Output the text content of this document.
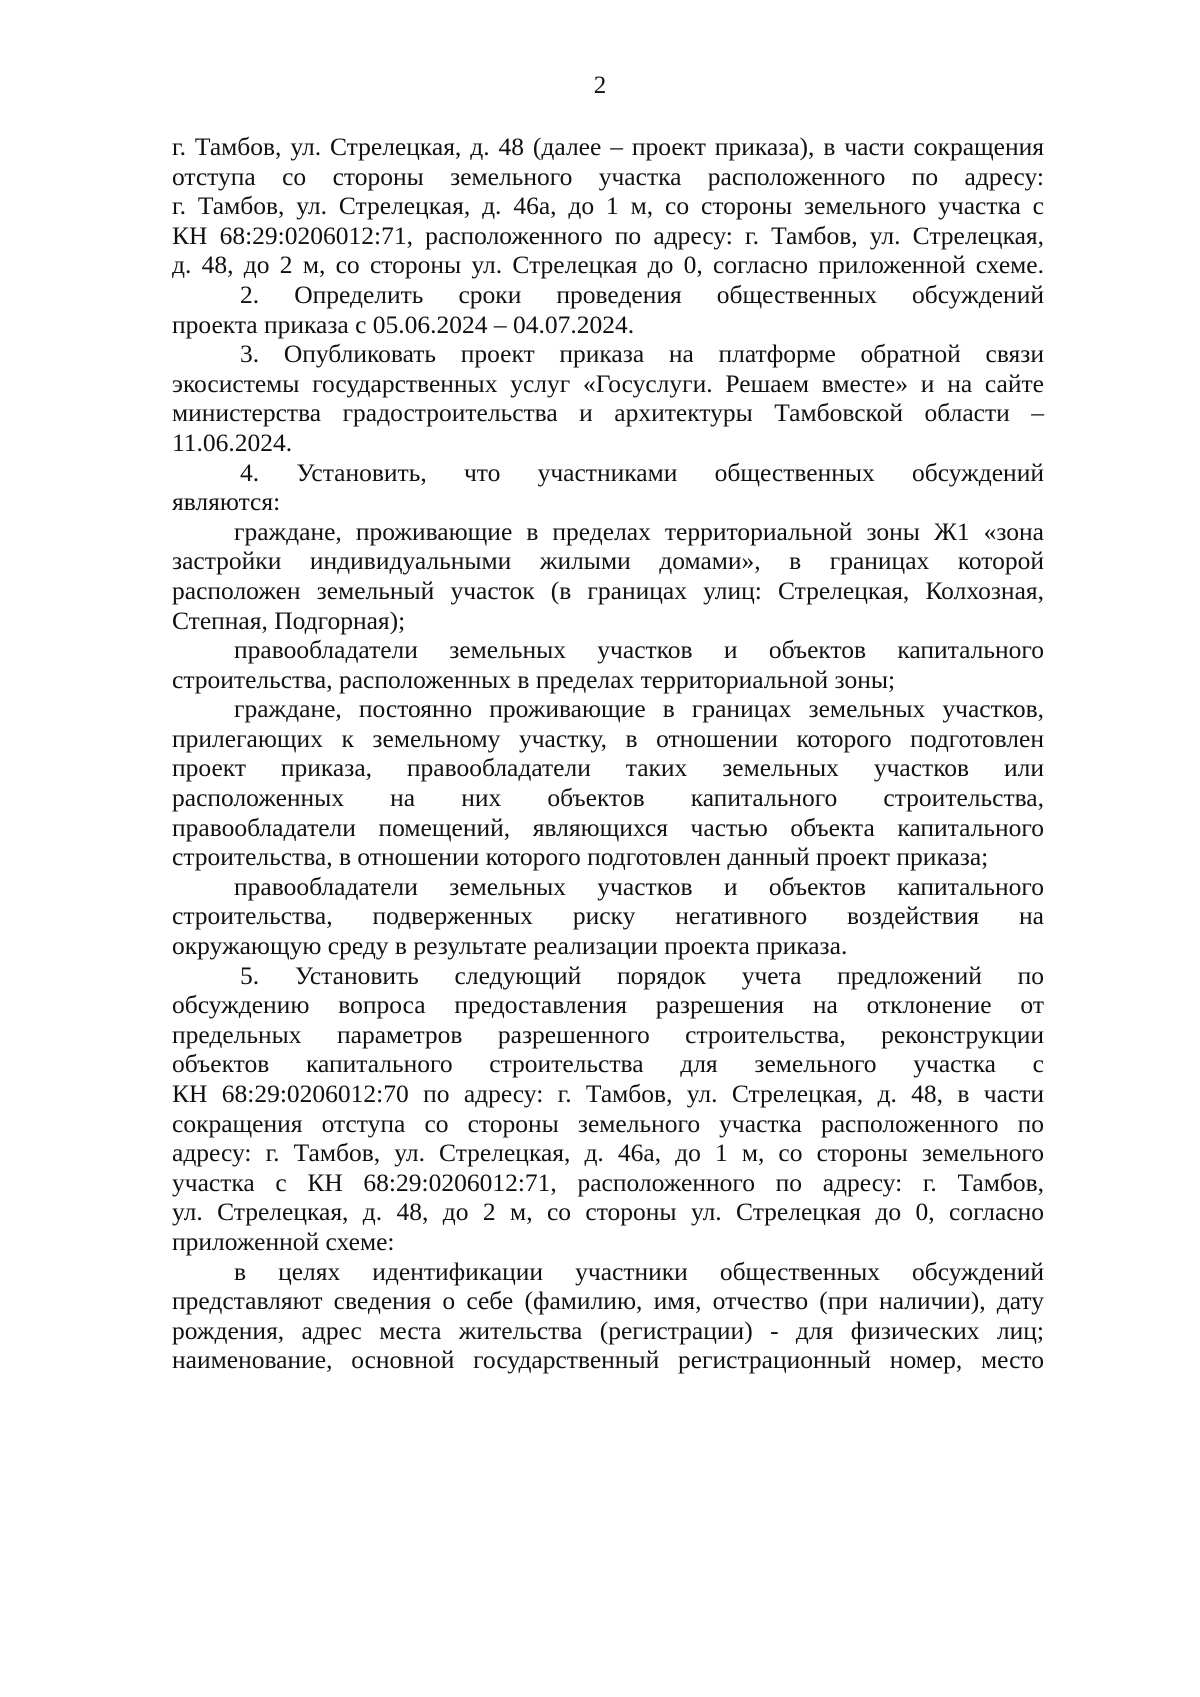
2
г. Тамбов, ул. Стрелецкая, д. 48 (далее – проект приказа), в части сокращения
отступа со стороны земельного участка расположенного по адресу:
г. Тамбов, ул. Стрелецкая, д. 46а, до 1 м, со стороны земельного участка с
КН 68:29:0206012:71, расположенного по адресу: г. Тамбов, ул. Стрелецкая,
д. 48, до 2 м, со стороны ул. Стрелецкая до 0, согласно приложенной схеме.
2. Определить сроки проведения общественных обсуждений
проекта приказа с 05.06.2024 – 04.07.2024.
3. Опубликовать проект приказа на платформе обратной связи
экосистемы государственных услуг «Госуслуги. Решаем вместе» и на сайте
министерства градостроительства и архитектуры Тамбовской области –
11.06.2024.
4. Установить, что участниками общественных обсуждений
являются:
граждане, проживающие в пределах территориальной зоны Ж1 «зона
застройки индивидуальными жилыми домами», в границах которой
расположен земельный участок (в границах улиц: Стрелецкая, Колхозная,
Степная, Подгорная);
правообладатели земельных участков и объектов капитального
строительства, расположенных в пределах территориальной зоны;
граждане, постоянно проживающие в границах земельных участков,
прилегающих к земельному участку, в отношении которого подготовлен
проект приказа, правообладатели таких земельных участков или
расположенных на них объектов капитального строительства,
правообладатели помещений, являющихся частью объекта капитального
строительства, в отношении которого подготовлен данный проект приказа;
правообладатели земельных участков и объектов капитального
строительства, подверженных риску негативного воздействия на
окружающую среду в результате реализации проекта приказа.
5. Установить следующий порядок учета предложений по
обсуждению вопроса предоставления разрешения на отклонение от
предельных параметров разрешенного строительства, реконструкции
объектов капитального строительства для земельного участка с
КН 68:29:0206012:70 по адресу: г. Тамбов, ул. Стрелецкая, д. 48, в части
сокращения отступа со стороны земельного участка расположенного по
адресу: г. Тамбов, ул. Стрелецкая, д. 46а, до 1 м, со стороны земельного
участка с КН 68:29:0206012:71, расположенного по адресу: г. Тамбов,
ул. Стрелецкая, д. 48, до 2 м, со стороны ул. Стрелецкая до 0, согласно
приложенной схеме:
в целях идентификации участники общественных обсуждений
представляют сведения о себе (фамилию, имя, отчество (при наличии), дату
рождения, адрес места жительства (регистрации) - для физических лиц;
наименование, основной государственный регистрационный номер, место
